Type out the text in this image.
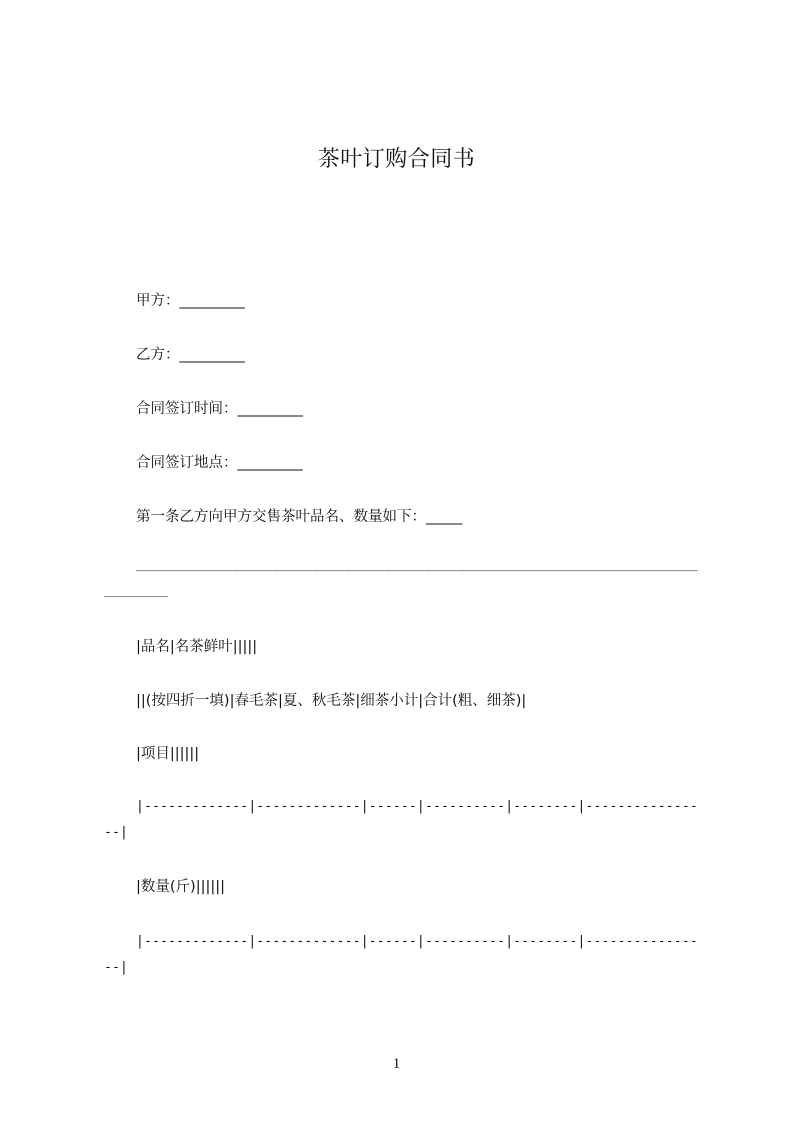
茶叶订购合同书
甲方：_________
乙方：_________
合同签订时间：_________
合同签订地点：_________
第一条乙方向甲方交售茶叶品名、数量如下：_____
______________________________________________________________________________
|品名|名茶鲜叶|||||
||(按四折一填)|春毛茶|夏、秋毛茶|细茶小计|合计(粗、细茶)|
|项目||||||
|-------------|-------------|------|----------|--------|----------------|
|数量(斤)||||||
|-------------|-------------|------|----------|--------|----------------|
1
